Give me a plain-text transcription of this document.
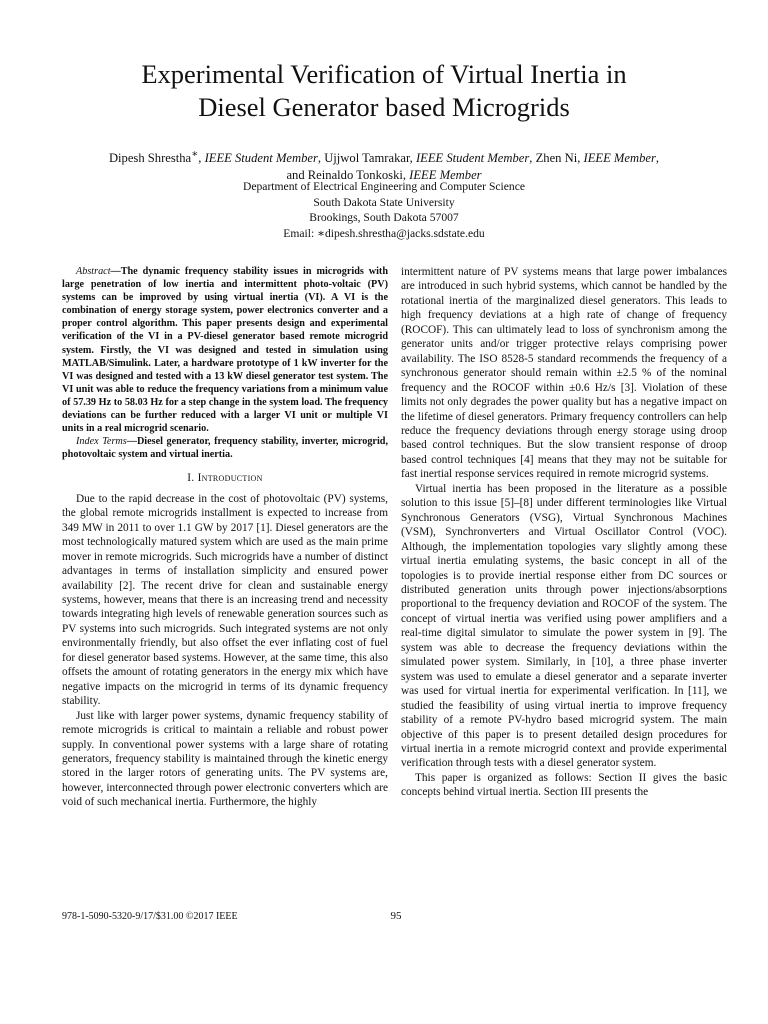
Experimental Verification of Virtual Inertia in
Diesel Generator based Microgrids
Dipesh Shrestha∗, IEEE Student Member, Ujjwol Tamrakar, IEEE Student Member, Zhen Ni, IEEE Member,
and Reinaldo Tonkoski, IEEE Member
Department of Electrical Engineering and Computer Science
South Dakota State University
Brookings, South Dakota 57007
Email: ∗dipesh.shrestha@jacks.sdstate.edu

Abstract—The dynamic frequency stability issues in microgrids with large penetration of low inertia and intermittent photo-voltaic (PV) systems can be improved by using virtual inertia (VI). A VI is the combination of energy storage system, power electronics converter and a proper control algorithm. This paper presents design and experimental verification of the VI in a PV-diesel generator based remote microgrid system. Firstly, the VI was designed and tested in simulation using MATLAB/Simulink. Later, a hardware prototype of 1 kW inverter for the VI was designed and tested with a 13 kW diesel generator test system. The VI unit was able to reduce the frequency variations from a minimum value of 57.39 Hz to 58.03 Hz for a step change in the system load. The frequency deviations can be further reduced with a larger VI unit or multiple VI units in a real microgrid scenario.

Index Terms—Diesel generator, frequency stability, inverter, microgrid, photovoltaic system and virtual inertia.

I. Introduction

Due to the rapid decrease in the cost of photovoltaic (PV) systems, the global remote microgrids installment is expected to increase from 349 MW in 2011 to over 1.1 GW by 2017 [1]. Diesel generators are the most technologically matured system which are used as the main prime mover in remote microgrids. Such microgrids have a number of distinct advantages in terms of installation simplicity and ensured power availability [2]. The recent drive for clean and sustainable energy systems, however, means that there is an increasing trend and necessity towards integrating high levels of renewable generation sources such as PV systems into such microgrids. Such integrated systems are not only environmentally friendly, but also offset the ever inflating cost of fuel for diesel generator based systems. However, at the same time, this also offsets the amount of rotating generators in the energy mix which have negative impacts on the microgrid in terms of its dynamic frequency stability.

Just like with larger power systems, dynamic frequency stability of remote microgrids is critical to maintain a reliable and robust power supply. In conventional power systems with a large share of rotating generators, frequency stability is maintained through the kinetic energy stored in the larger rotors of generating units. The PV systems are, however, interconnected through power electronic converters which are void of such mechanical inertia. Furthermore, the highly

intermittent nature of PV systems means that large power imbalances are introduced in such hybrid systems, which cannot be handled by the rotational inertia of the marginalized diesel generators. This leads to high frequency deviations at a high rate of change of frequency (ROCOF). This can ultimately lead to loss of synchronism among the generator units and/or trigger protective relays comprising power availability. The ISO 8528-5 standard recommends the frequency of a synchronous generator should remain within ±2.5 % of the nominal frequency and the ROCOF within ±0.6 Hz/s [3]. Violation of these limits not only degrades the power quality but has a negative impact on the lifetime of diesel generators. Primary frequency controllers can help reduce the frequency deviations through energy storage using droop based control techniques. But the slow transient response of droop based control techniques [4] means that they may not be suitable for fast inertial response services required in remote microgrid systems.

Virtual inertia has been proposed in the literature as a possible solution to this issue [5]–[8] under different terminologies like Virtual Synchronous Generators (VSG), Virtual Synchronous Machines (VSM), Synchronverters and Virtual Oscillator Control (VOC). Although, the implementation topologies vary slightly among these virtual inertia emulating systems, the basic concept in all of the topologies is to provide inertial response either from DC sources or distributed generation units through power injections/absorptions proportional to the frequency deviation and ROCOF of the system. The concept of virtual inertia was verified using power amplifiers and a real-time digital simulator to simulate the power system in [9]. The system was able to decrease the frequency deviations within the simulated power system. Similarly, in [10], a three phase inverter system was used to emulate a diesel generator and a separate inverter was used for virtual inertia for experimental verification. In [11], we studied the feasibility of using virtual inertia to improve frequency stability of a remote PV-hydro based microgrid system. The main objective of this paper is to present detailed design procedures for virtual inertia in a remote microgrid context and provide experimental verification through tests with a diesel generator system.

This paper is organized as follows: Section II gives the basic concepts behind virtual inertia. Section III presents the

978-1-5090-5320-9/17/$31.00 ©2017 IEEE	95
